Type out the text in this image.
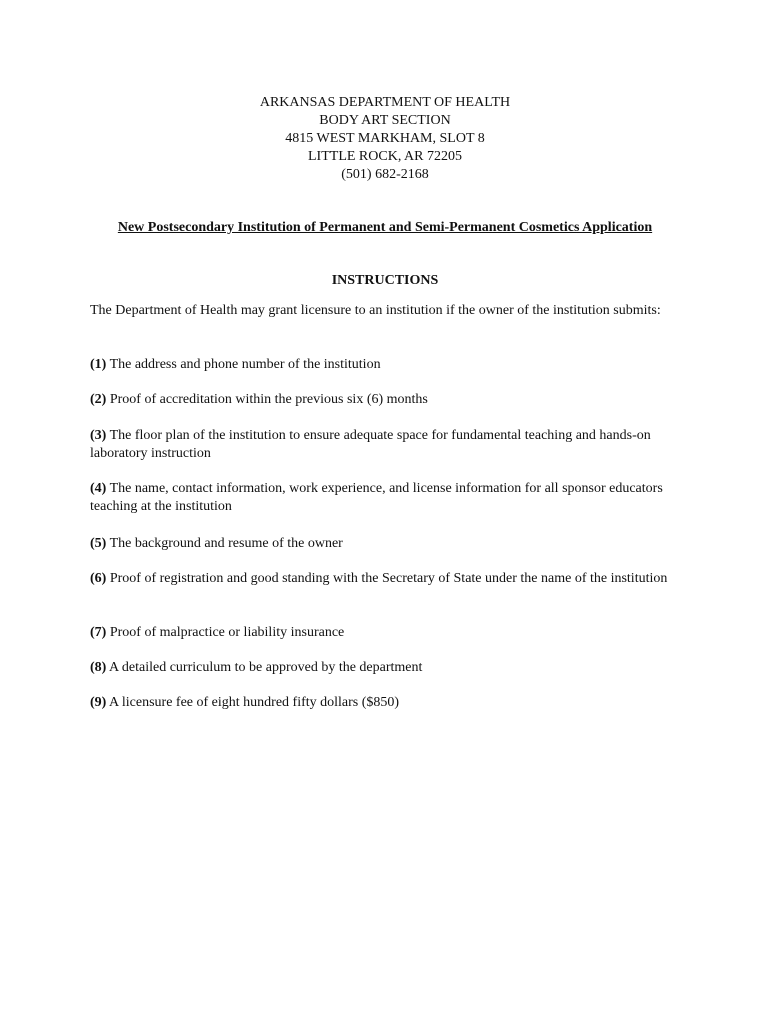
ARKANSAS DEPARTMENT OF HEALTH
BODY ART SECTION
4815 WEST MARKHAM, SLOT 8
LITTLE ROCK, AR 72205
(501) 682-2168
New Postsecondary Institution of Permanent and Semi-Permanent Cosmetics Application
INSTRUCTIONS
The Department of Health may grant licensure to an institution if the owner of the institution submits:
(1) The address and phone number of the institution
(2) Proof of accreditation within the previous six (6) months
(3) The floor plan of the institution to ensure adequate space for fundamental teaching and hands-on laboratory instruction
(4) The name, contact information, work experience, and license information for all sponsor educators teaching at the institution
(5) The background and resume of the owner
(6) Proof of registration and good standing with the Secretary of State under the name of the institution
(7) Proof of malpractice or liability insurance
(8) A detailed curriculum to be approved by the department
(9) A licensure fee of eight hundred fifty dollars ($850)
